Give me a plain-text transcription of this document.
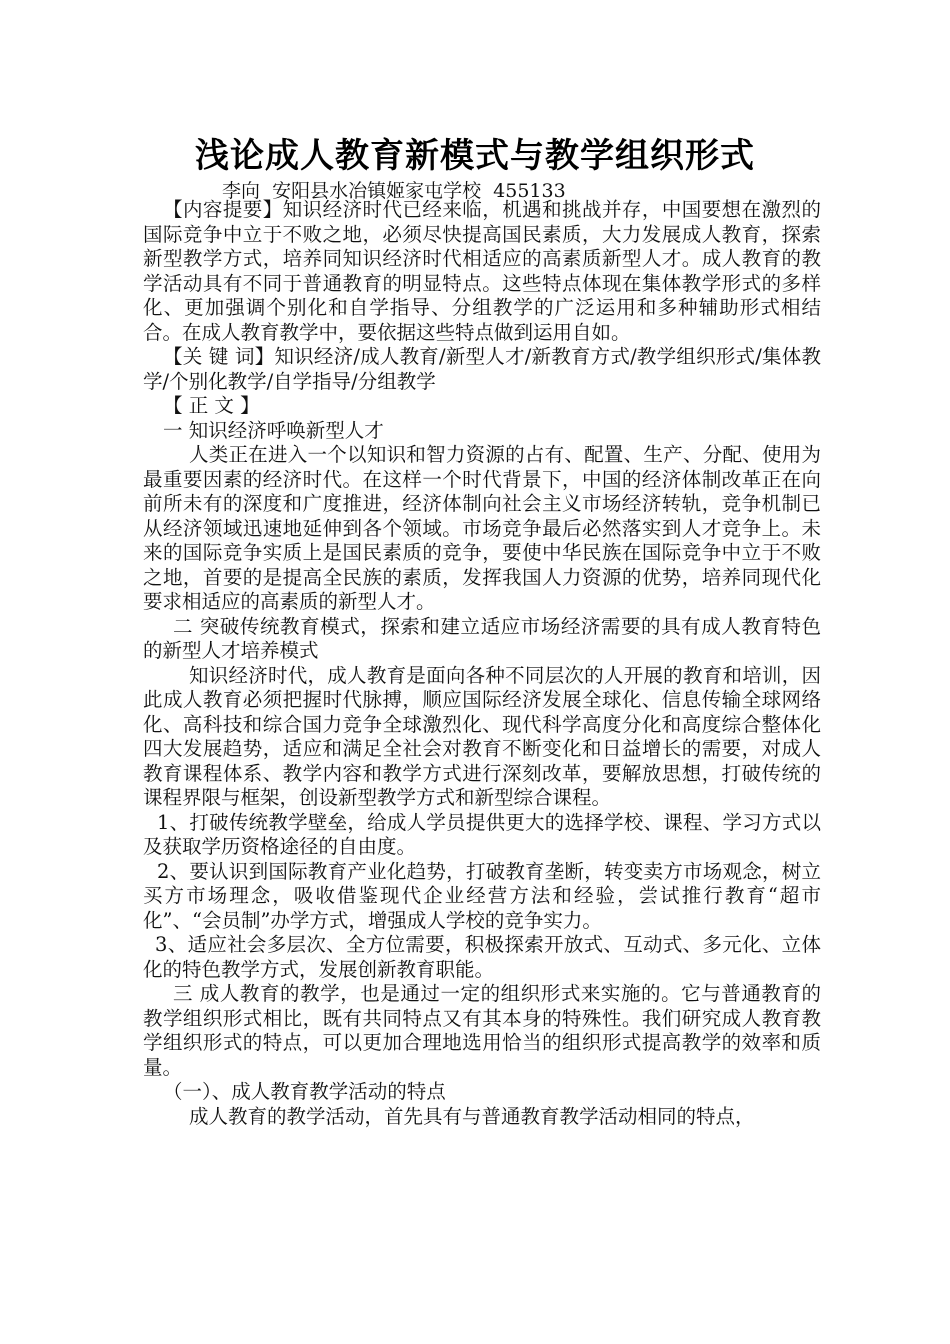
浅论成人教育新模式与教学组织形式
李向  安阳县水冶镇姬家屯学校  455133

【内容提要】知识经济时代已经来临，机遇和挑战并存，中国要想在激烈的国际竞争中立于不败之地，必须尽快提高国民素质，大力发展成人教育，探索新型教学方式，培养同知识经济时代相适应的高素质新型人才。成人教育的教学活动具有不同于普通教育的明显特点。这些特点体现在集体教学形式的多样化、更加强调个别化和自学指导、分组教学的广泛运用和多种辅助形式相结合。在成人教育教学中，要依据这些特点做到运用自如。

【关 键 词】知识经济/成人教育/新型人才/新教育方式/教学组织形式/集体教学/个别化教学/自学指导/分组教学

【 正 文 】

一 知识经济呼唤新型人才

人类正在进入一个以知识和智力资源的占有、配置、生产、分配、使用为最重要因素的经济时代。在这样一个时代背景下，中国的经济体制改革正在向前所未有的深度和广度推进，经济体制向社会主义市场经济转轨，竞争机制已从经济领域迅速地延伸到各个领域。市场竞争最后必然落实到人才竞争上。未来的国际竞争实质上是国民素质的竞争，要使中华民族在国际竞争中立于不败之地，首要的是提高全民族的素质，发挥我国人力资源的优势，培养同现代化要求相适应的高素质的新型人才。

二 突破传统教育模式，探索和建立适应市场经济需要的具有成人教育特色的新型人才培养模式

知识经济时代，成人教育是面向各种不同层次的人开展的教育和培训，因此成人教育必须把握时代脉搏，顺应国际经济发展全球化、信息传输全球网络化、高科技和综合国力竞争全球激烈化、现代科学高度分化和高度综合整体化四大发展趋势，适应和满足全社会对教育不断变化和日益增长的需要，对成人教育课程体系、教学内容和教学方式进行深刻改革，要解放思想，打破传统的课程界限与框架，创设新型教学方式和新型综合课程。

1、打破传统教学壁垒，给成人学员提供更大的选择学校、课程、学习方式以及获取学历资格途径的自由度。

2、要认识到国际教育产业化趋势，打破教育垄断，转变卖方市场观念，树立买方市场理念，吸收借鉴现代企业经营方法和经验，尝试推行教育“超市化”、“会员制”办学方式，增强成人学校的竞争实力。

3、适应社会多层次、全方位需要，积极探索开放式、互动式、多元化、立体化的特色教学方式，发展创新教育职能。

三 成人教育的教学，也是通过一定的组织形式来实施的。它与普通教育的教学组织形式相比，既有共同特点又有其本身的特殊性。我们研究成人教育教学组织形式的特点，可以更加合理地选用恰当的组织形式提高教学的效率和质量。

（一）、成人教育教学活动的特点

成人教育的教学活动，首先具有与普通教育教学活动相同的特点，
